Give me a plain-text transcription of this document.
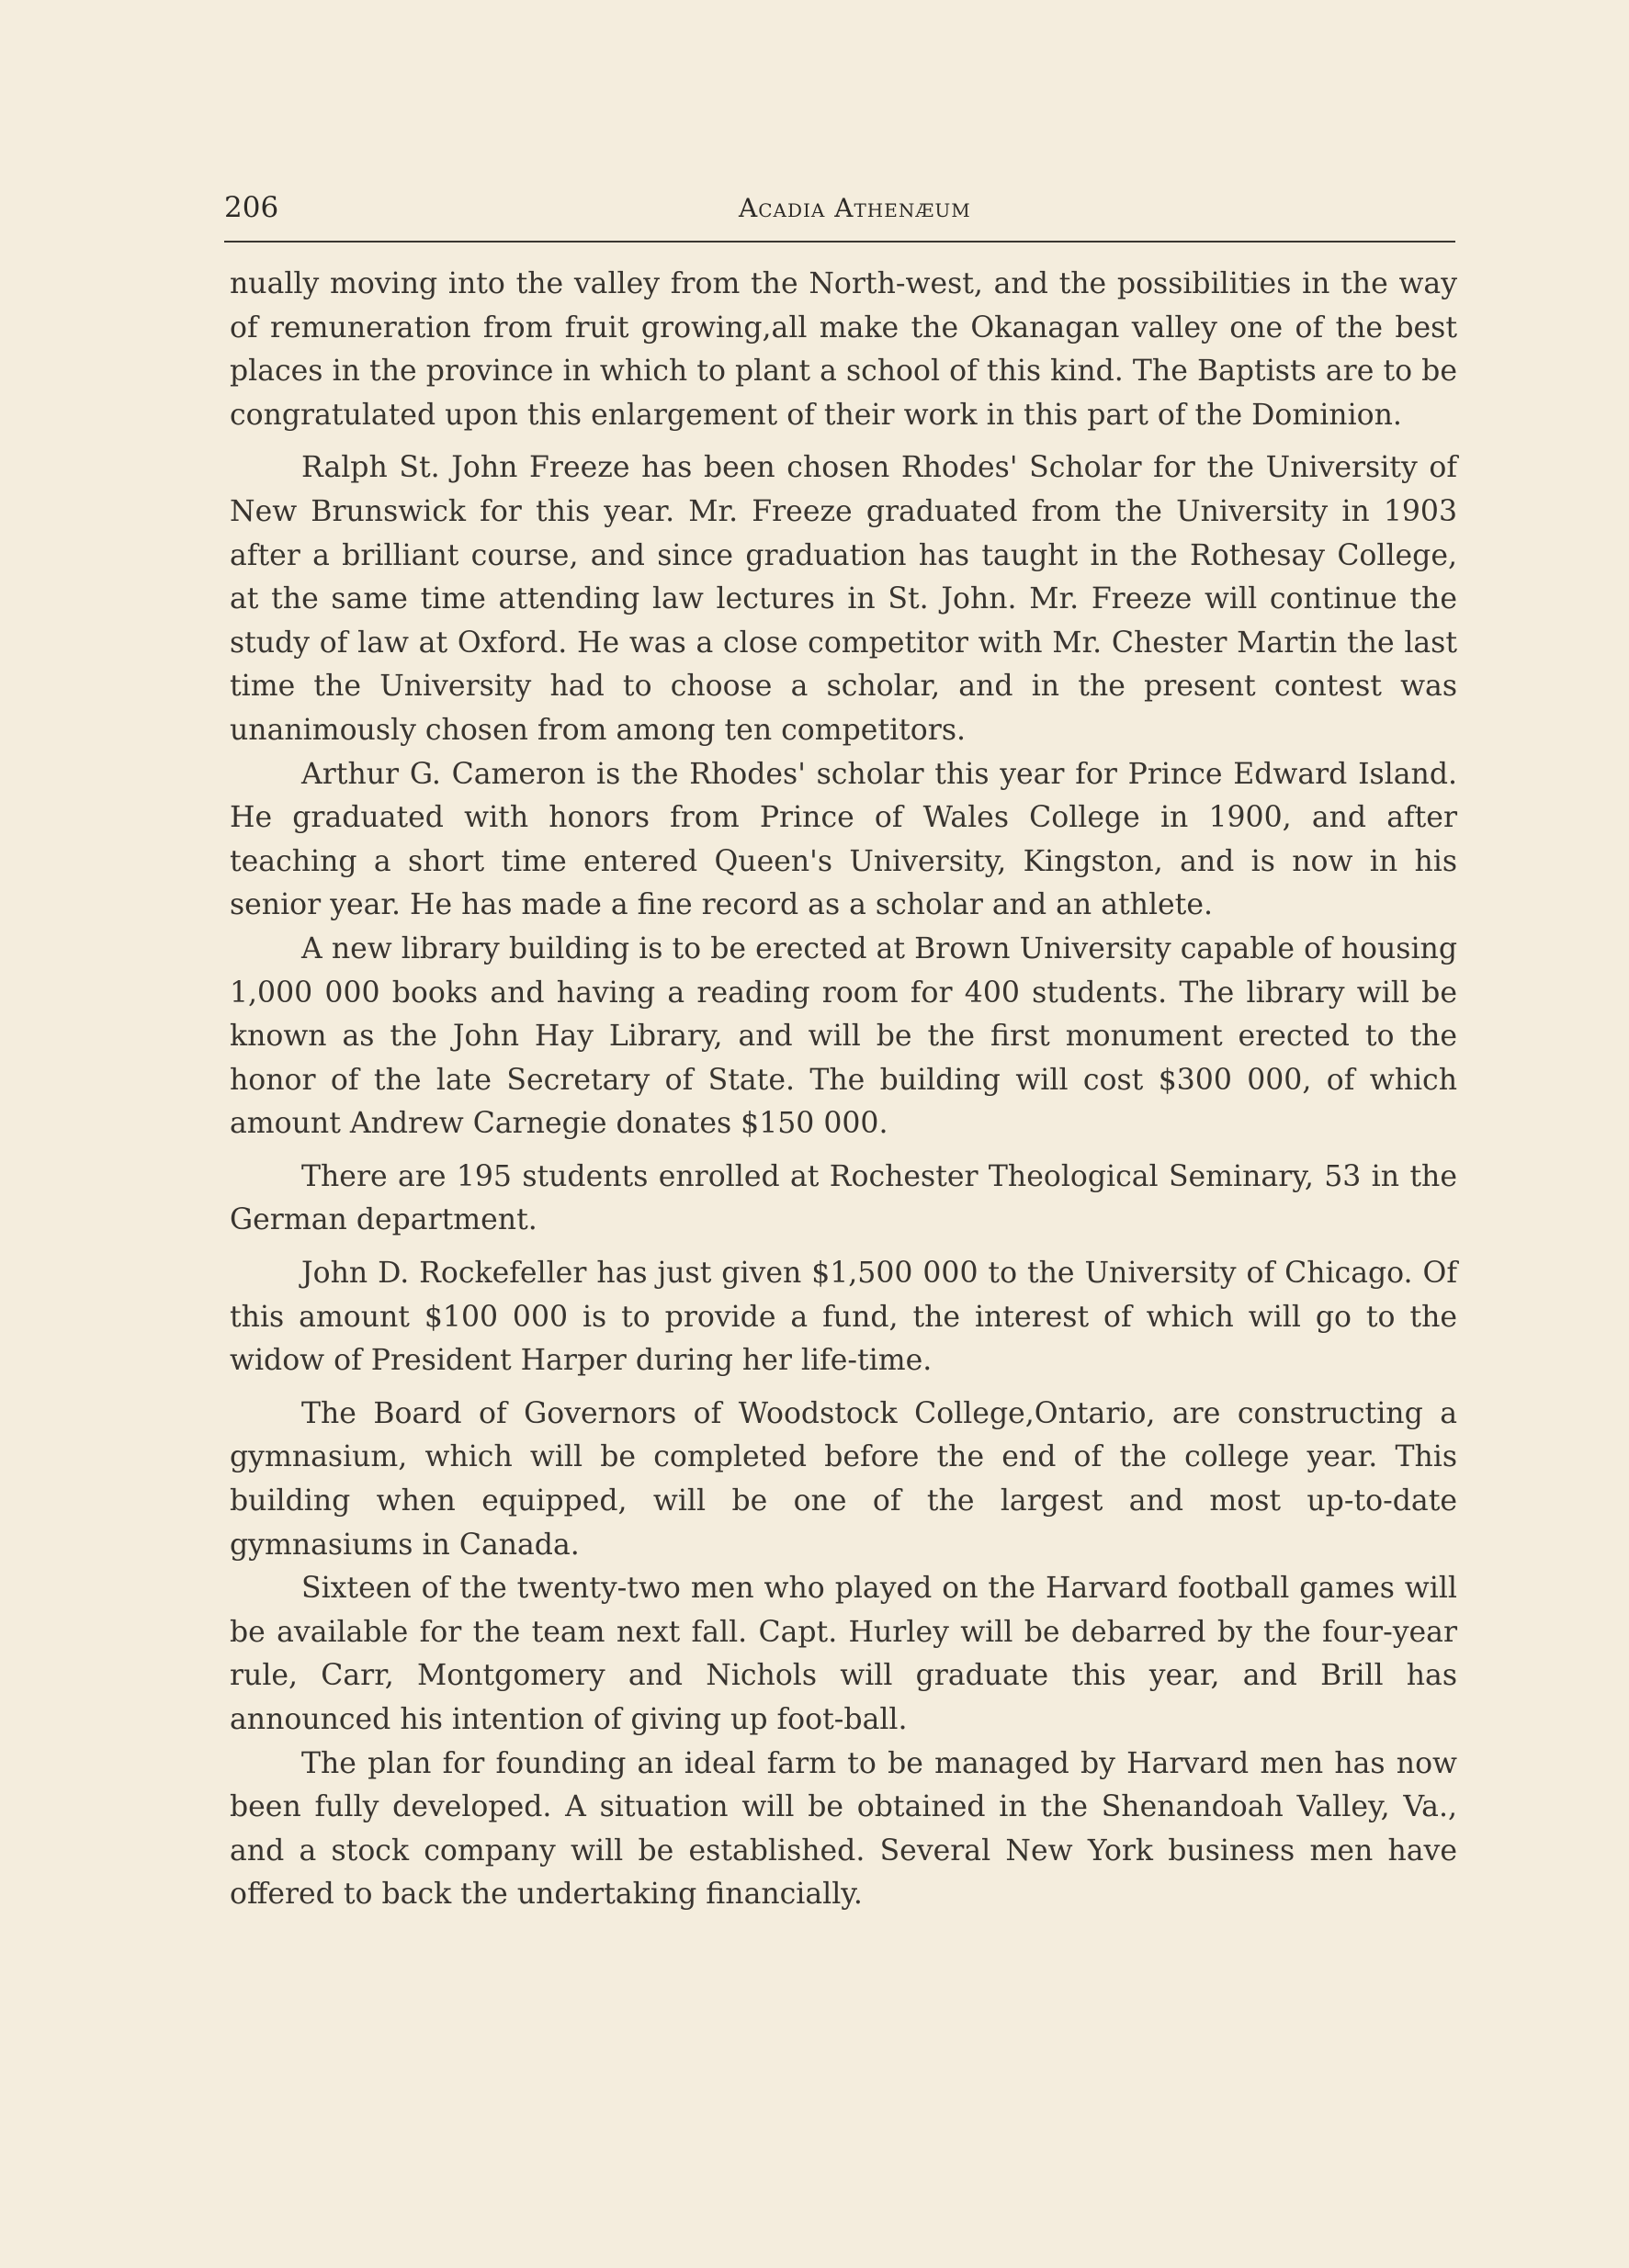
206	Acadia Athenæum

nually moving into the valley from the North-west, and the possibilities in the way of remuneration from fruit growing,all make the Okanagan valley one of the best places in the province in which to plant a school of this kind. The Baptists are to be congratulated upon this enlargement of their work in this part of the Dominion.

Ralph St. John Freeze has been chosen Rhodes' Scholar for the University of New Brunswick for this year. Mr. Freeze graduated from the University in 1903 after a brilliant course, and since graduation has taught in the Rothesay College, at the same time attending law lectures in St. John. Mr. Freeze will continue the study of law at Oxford. He was a close competitor with Mr. Chester Martin the last time the University had to choose a scholar, and in the present contest was unanimously chosen from among ten competitors.

Arthur G. Cameron is the Rhodes' scholar this year for Prince Edward Island. He graduated with honors from Prince of Wales College in 1900, and after teaching a short time entered Queen's University, Kingston, and is now in his senior year. He has made a fine record as a scholar and an athlete.

A new library building is to be erected at Brown University capable of housing 1,000 000 books and having a reading room for 400 students. The library will be known as the John Hay Library, and will be the first monument erected to the honor of the late Secretary of State. The building will cost $300 000, of which amount Andrew Carnegie donates $150 000.

There are 195 students enrolled at Rochester Theological Seminary, 53 in the German department.

John D. Rockefeller has just given $1,500 000 to the University of Chicago. Of this amount $100 000 is to provide a fund, the interest of which will go to the widow of President Harper during her life-time.

The Board of Governors of Woodstock College,Ontario, are constructing a gymnasium, which will be completed before the end of the college year. This building when equipped, will be one of the largest and most up-to-date gymnasiums in Canada.

Sixteen of the twenty-two men who played on the Harvard football games will be available for the team next fall. Capt. Hurley will be debarred by the four-year rule, Carr, Montgomery and Nichols will graduate this year, and Brill has announced his intention of giving up foot-ball.

The plan for founding an ideal farm to be managed by Harvard men has now been fully developed. A situation will be obtained in the Shenandoah Valley, Va., and a stock company will be established. Several New York business men have offered to back the undertaking financially.
